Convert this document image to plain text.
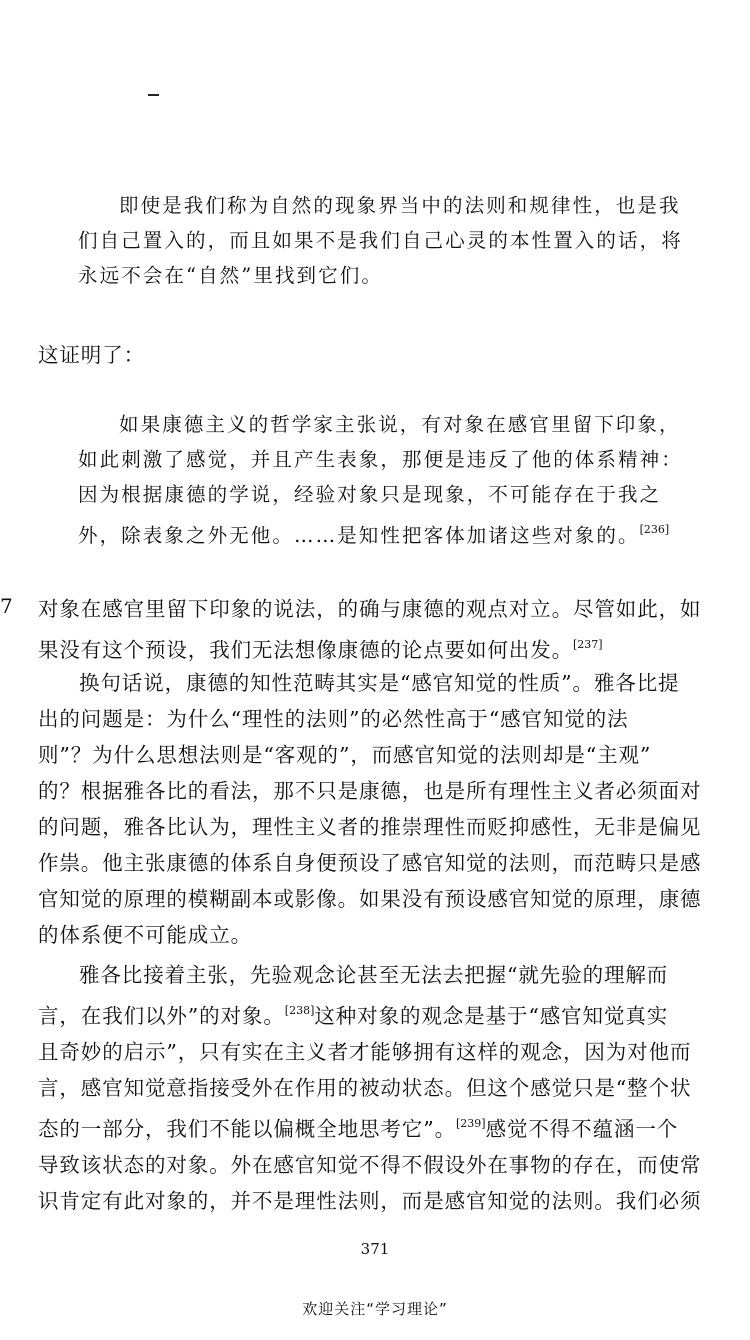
即使是我们称为自然的现象界当中的法则和规律性，也是我
们自己置入的，而且如果不是我们自己心灵的本性置入的话，将
永远不会在“自然”里找到它们。
这证明了：
如果康德主义的哲学家主张说，有对象在感官里留下印象，
如此刺激了感觉，并且产生表象，那便是违反了他的体系精神：
因为根据康德的学说，经验对象只是现象，不可能存在于我之
外，除表象之外无他。……是知性把客体加诸这些对象的。[236]
7 对象在感官里留下印象的说法，的确与康德的观点对立。尽管如此，如
果没有这个预设，我们无法想像康德的论点要如何出发。[237]
换句话说，康德的知性范畴其实是“感官知觉的性质”。雅各比提
出的问题是：为什么“理性的法则”的必然性高于“感官知觉的法
则”？为什么思想法则是“客观的”，而感官知觉的法则却是“主观”
的？根据雅各比的看法，那不只是康德，也是所有理性主义者必须面对
的问题，雅各比认为，理性主义者的推崇理性而贬抑感性，无非是偏见
作祟。他主张康德的体系自身便预设了感官知觉的法则，而范畴只是感
官知觉的原理的模糊副本或影像。如果没有预设感官知觉的原理，康德
的体系便不可能成立。
雅各比接着主张，先验观念论甚至无法去把握“就先验的理解而
言，在我们以外”的对象。[238]这种对象的观念是基于“感官知觉真实
且奇妙的启示”，只有实在主义者才能够拥有这样的观念，因为对他而
言，感官知觉意指接受外在作用的被动状态。但这个感觉只是“整个状
态的一部分，我们不能以偏概全地思考它”。[239]感觉不得不蕴涵一个
导致该状态的对象。外在感官知觉不得不假设外在事物的存在，而使常
识肯定有此对象的，并不是理性法则，而是感官知觉的法则。我们必须
371
欢迎关注“学习理论”
